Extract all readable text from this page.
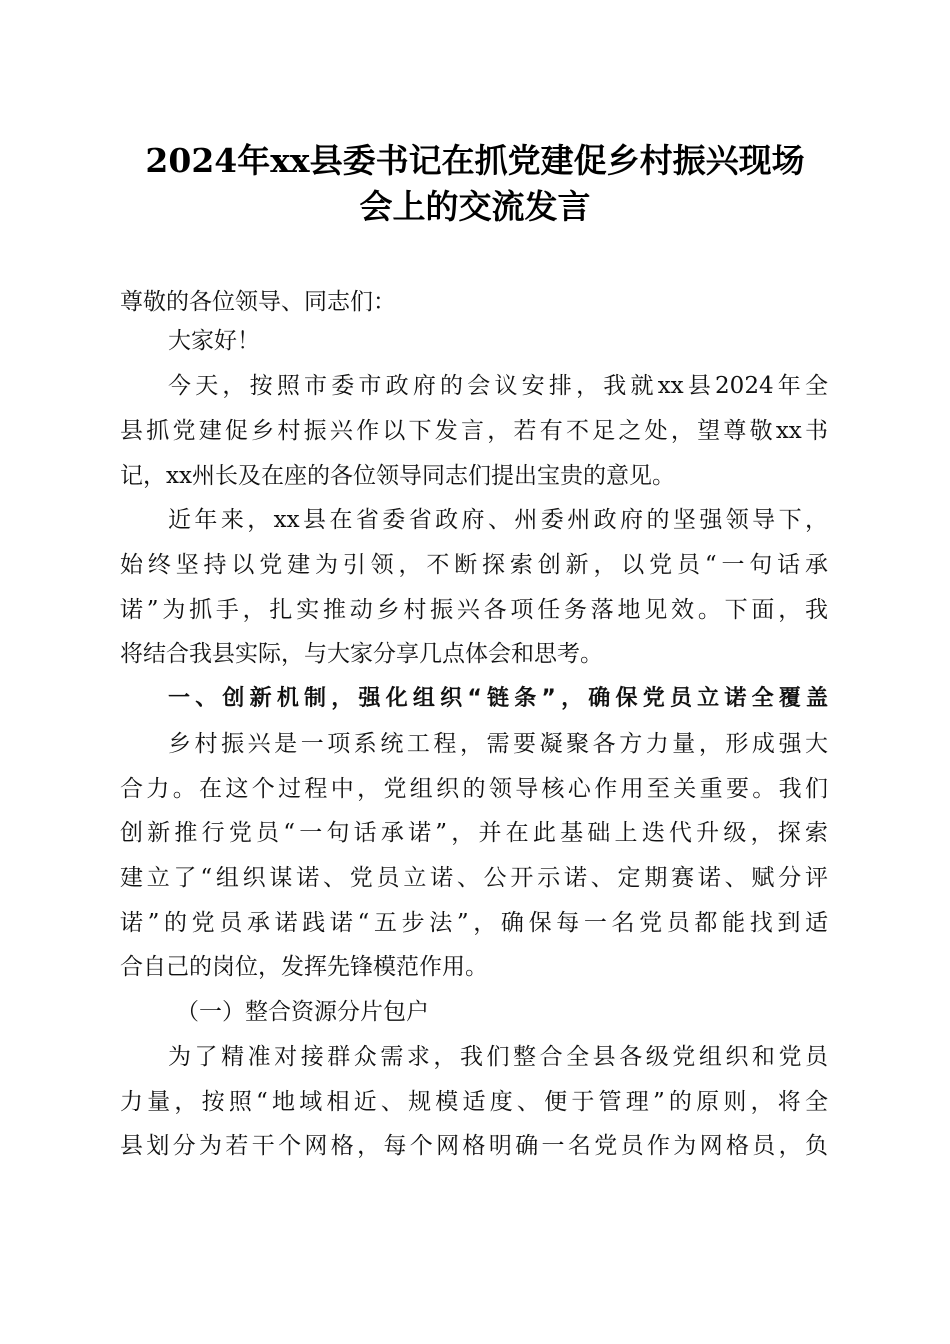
2024年xx县委书记在抓党建促乡村振兴现场
会上的交流发言

尊敬的各位领导、同志们：

大家好！

今天，按照市委市政府的会议安排，我就xx县2024年全

县抓党建促乡村振兴作以下发言，若有不足之处，望尊敬xx书

记，xx州长及在座的各位领导同志们提出宝贵的意见。

近年来，xx县在省委省政府、州委州政府的坚强领导下，

始终坚持以党建为引领，不断探索创新，以党员“一句话承

诺”为抓手，扎实推动乡村振兴各项任务落地见效。下面，我

将结合我县实际，与大家分享几点体会和思考。

一、创新机制，强化组织“链条”，确保党员立诺全覆盖

乡村振兴是一项系统工程，需要凝聚各方力量，形成强大

合力。在这个过程中，党组织的领导核心作用至关重要。我们

创新推行党员“一句话承诺”，并在此基础上迭代升级，探索

建立了“组织谋诺、党员立诺、公开示诺、定期赛诺、赋分评

诺”的党员承诺践诺“五步法”，确保每一名党员都能找到适

合自己的岗位，发挥先锋模范作用。

（一）整合资源分片包户

为了精准对接群众需求，我们整合全县各级党组织和党员

力量，按照“地域相近、规模适度、便于管理”的原则，将全

县划分为若干个网格，每个网格明确一名党员作为网格员，负
